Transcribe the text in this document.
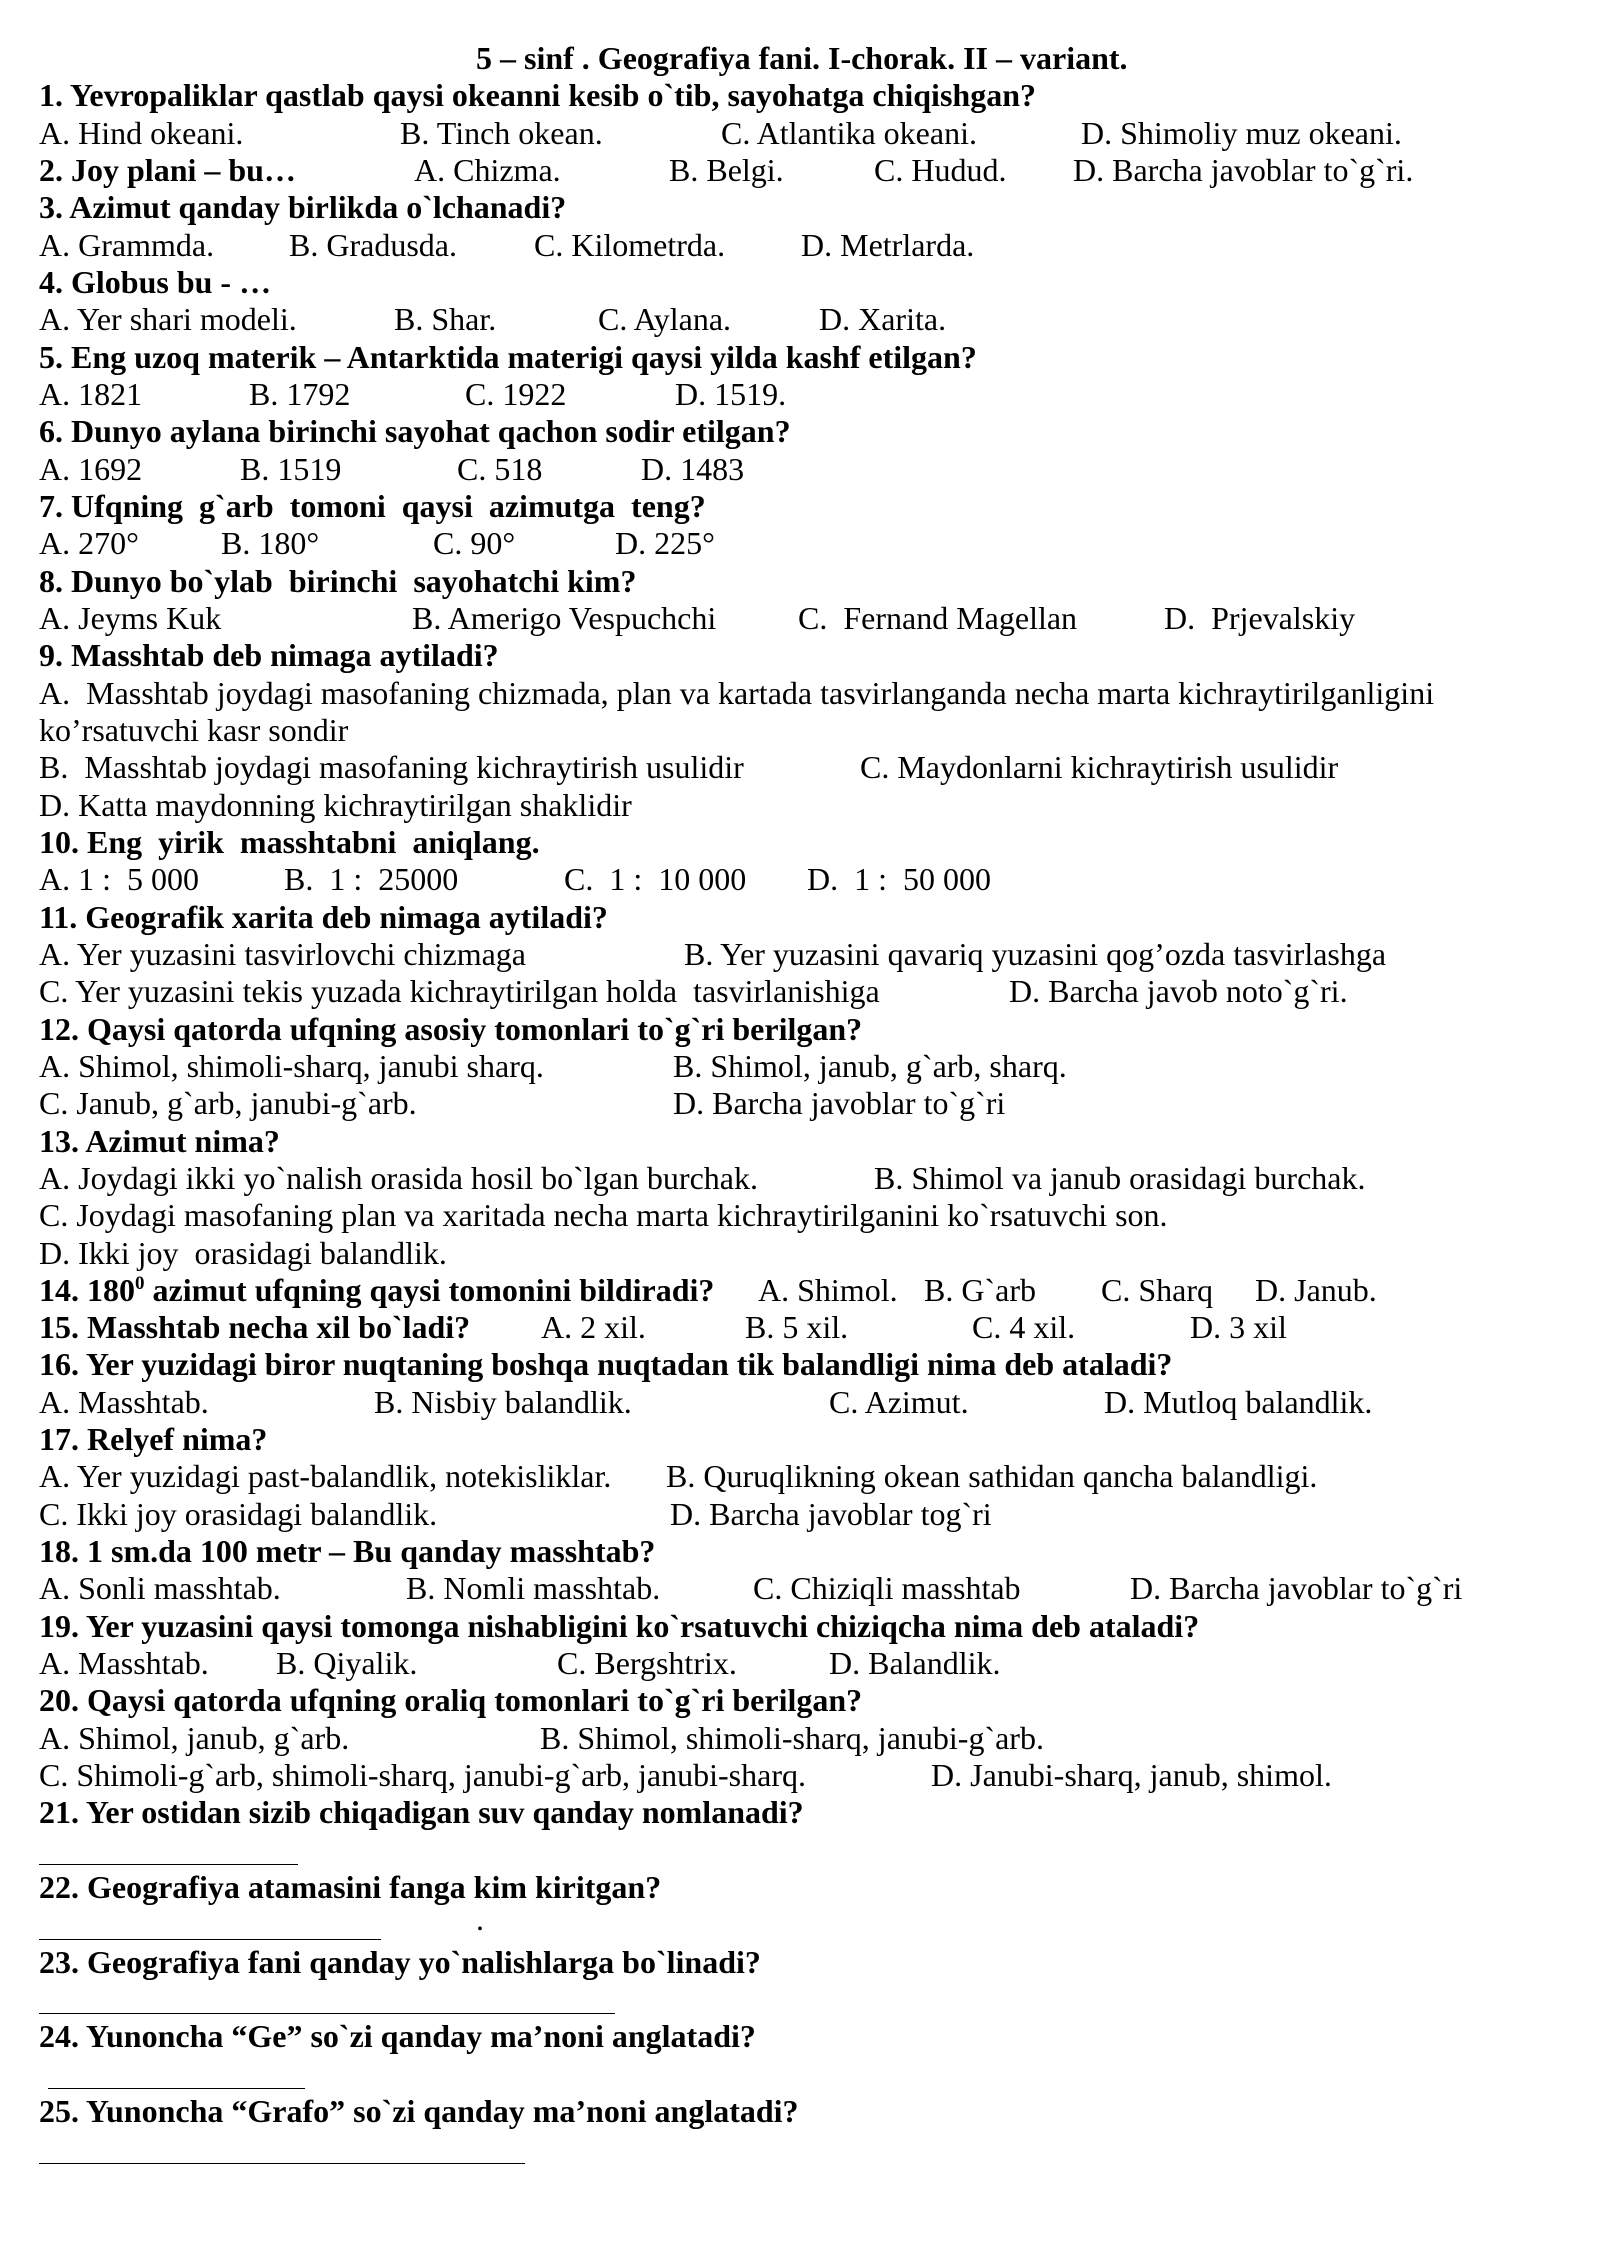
5 – sinf . Geografiya fani. I-chorak. II – variant.
1. Yevropaliklar qastlab qaysi okeanni kesib o`tib, sayohatga chiqishgan?
A. Hind okeani.	B. Tinch okean.	C. Atlantika okeani.	D. Shimoliy muz okeani.
2. Joy plani – bu…	A. Chizma.	B. Belgi.	C. Hudud. D. Barcha javoblar to`g`ri.
3. Azimut qanday birlikda o`lchanadi?
A. Grammda. B. Gradusda. C. Kilometrda. D. Metrlarda.
4. Globus bu - …
A. Yer shari modeli.	B. Shar.	C. Aylana.	D. Xarita.
5. Eng uzoq materik – Antarktida materigi qaysi yilda kashf etilgan?
A. 1821	B. 1792	C. 1922	D. 1519.
6. Dunyo aylana birinchi sayohat qachon sodir etilgan?
A. 1692	B. 1519	C. 518	D. 1483
7. Ufqning  g`arb  tomoni  qaysi  azimutga  teng?
A. 270°	B. 180°	C. 90°	D. 225°
8. Dunyo bo`ylab  birinchi  sayohatchi kim?
A. Jeyms Kuk	B. Amerigo Vespuchchi	C.  Fernand Magellan	D.  Prjevalskiy
9. Masshtab deb nimaga aytiladi?
A.  Masshtab joydagi masofaning chizmada, plan va kartada tasvirlanganda necha marta kichraytirilganligini
ko’rsatuvchi kasr sondir
B.  Masshtab joydagi masofaning kichraytirish usulidir	C. Maydonlarni kichraytirish usulidir
D. Katta maydonning kichraytirilgan shaklidir
10. Eng  yirik  masshtabni  aniqlang.
A. 1 :  5 000	B.  1 :  25000	C.  1 :  10 000 D.  1 :  50 000
11. Geografik xarita deb nimaga aytiladi?
A. Yer yuzasini tasvirlovchi chizmaga	B. Yer yuzasini qavariq yuzasini qog’ozda tasvirlashga
C. Yer yuzasini tekis yuzada kichraytirilgan holda  tasvirlanishiga	D. Barcha javob noto`g`ri.
12. Qaysi qatorda ufqning asosiy tomonlari to`g`ri berilgan?
A. Shimol, shimoli-sharq, janubi sharq.	B. Shimol, janub, g`arb, sharq.
C. Janub, g`arb, janubi-g`arb.	D. Barcha javoblar to`g`ri
13. Azimut nima?
A. Joydagi ikki yo`nalish orasida hosil bo`lgan burchak.	B. Shimol va janub orasidagi burchak.
C. Joydagi masofaning plan va xaritada necha marta kichraytirilganini ko`rsatuvchi son.
D. Ikki joy  orasidagi balandlik.
14. $180^0$ azimut ufqning qaysi tomonini bildiradi? A. Shimol. B. G`arb C. Sharq D. Janub.
15. Masshtab necha xil bo`ladi? A. 2 xil.	B. 5 xil.	C. 4 xil.	D. 3 xil
16. Yer yuzidagi biror nuqtaning boshqa nuqtadan tik balandligi nima deb ataladi?
A. Masshtab.	B. Nisbiy balandlik.	C. Azimut.	D. Mutloq balandlik.
17. Relyef nima?
A. Yer yuzidagi past-balandlik, notekisliklar. B. Quruqlikning okean sathidan qancha balandligi.
C. Ikki joy orasidagi balandlik.	D. Barcha javoblar tog`ri
18. 1 sm.da 100 metr – Bu qanday masshtab?
A. Sonli masshtab.	B. Nomli masshtab.	C. Chiziqli masshtab	D. Barcha javoblar to`g`ri
19. Yer yuzasini qaysi tomonga nishabligini ko`rsatuvchi chiziqcha nima deb ataladi?
A. Masshtab. B. Qiyalik.	C. Bergshtrix.	D. Balandlik.
20. Qaysi qatorda ufqning oraliq tomonlari to`g`ri berilgan?
A. Shimol, janub, g`arb.	B. Shimol, shimoli-sharq, janubi-g`arb.
C. Shimoli-g`arb, shimoli-sharq, janubi-g`arb, janubi-sharq.	D. Janubi-sharq, janub, shimol.
21. Yer ostidan sizib chiqadigan suv qanday nomlanadi?
22. Geografiya atamasini fanga kim kiritgan?
.
23. Geografiya fani qanday yo`nalishlarga bo`linadi?
24. Yunoncha “Ge” so`zi qanday ma’noni anglatadi?
25. Yunoncha “Grafo” so`zi qanday ma’noni anglatadi?
